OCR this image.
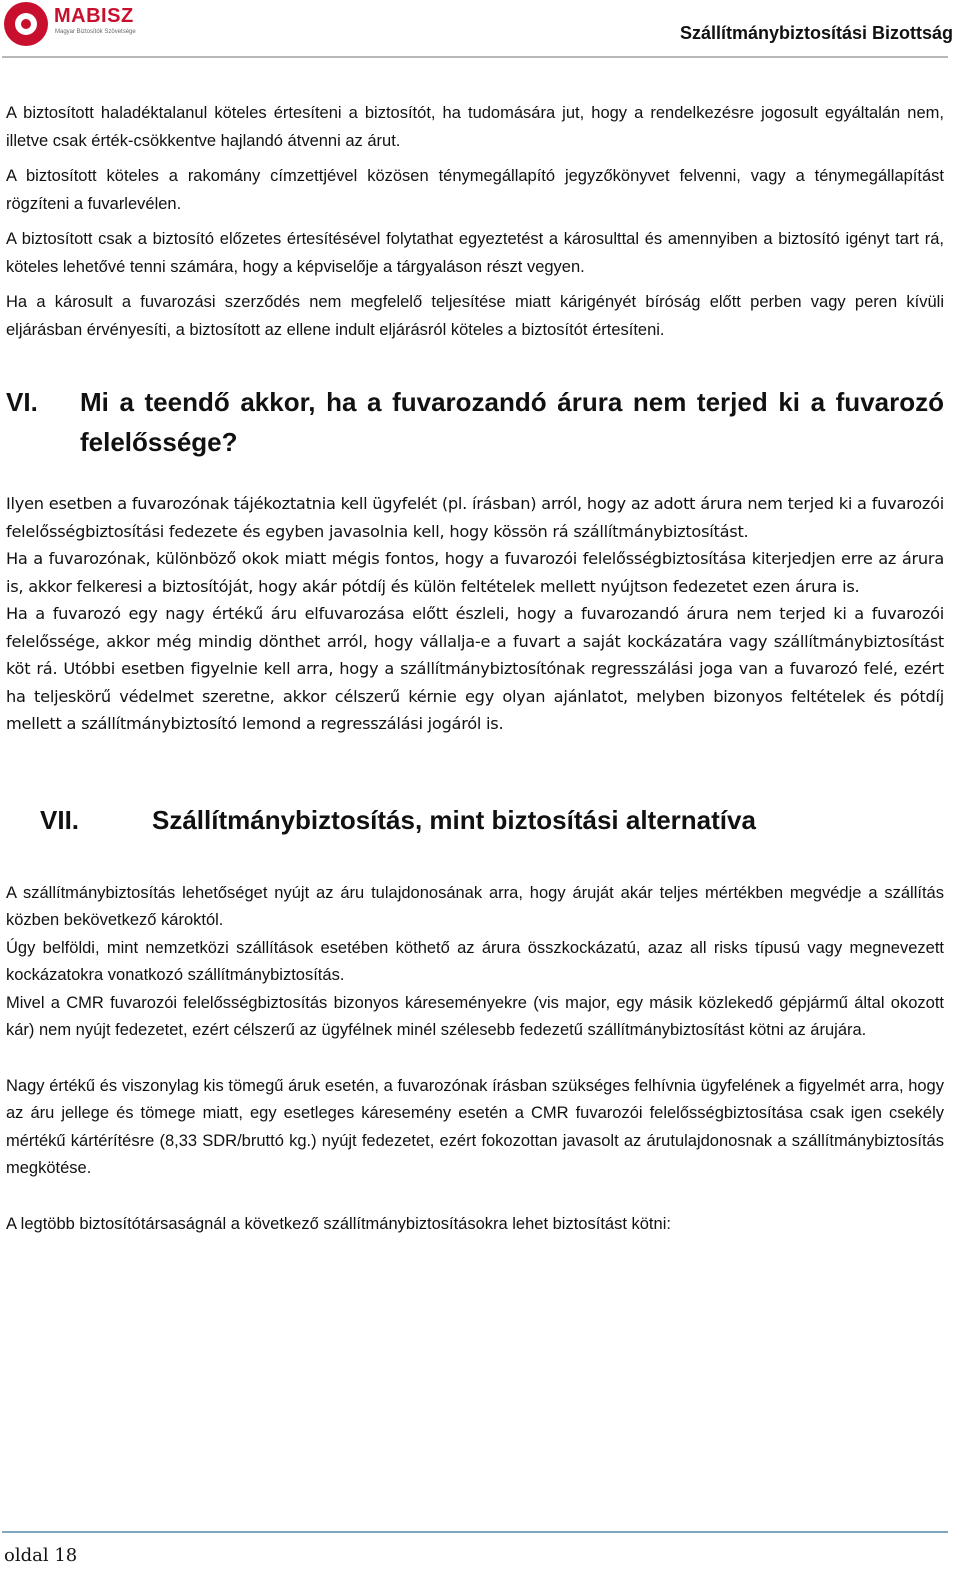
MABISZ
Magyar Biztosítók Szövetsége	Szállítmánybiztosítási Bizottság

A biztosított haladéktalanul köteles értesíteni a biztosítót, ha tudomására jut, hogy a rendelkezésre jogosult egyáltalán nem, illetve csak érték-csökkentve hajlandó átvenni az árut.

A biztosított köteles a rakomány címzettjével közösen ténymegállapító jegyzőkönyvet felvenni, vagy a ténymegállapítást rögzíteni a fuvarlevélen.

A biztosított csak a biztosító előzetes értesítésével folytathat egyeztetést a károsulttal és amennyiben a biztosító igényt tart rá, köteles lehetővé tenni számára, hogy a képviselője a tárgyaláson részt vegyen.

Ha a károsult a fuvarozási szerződés nem megfelelő teljesítése miatt kárigényét bíróság előtt perben vagy peren kívüli eljárásban érvényesíti, a biztosított az ellene indult eljárásról köteles a biztosítót értesíteni.

VI.	Mi a teendő akkor, ha a fuvarozandó árura nem terjed ki a fuvarozó felelőssége?

Ilyen esetben a fuvarozónak tájékoztatnia kell ügyfelét (pl. írásban) arról, hogy az adott árura nem terjed ki a fuvarozói felelősségbiztosítási fedezete és egyben javasolnia kell, hogy kössön rá szállítmánybiztosítást.

Ha a fuvarozónak, különböző okok miatt mégis fontos, hogy a fuvarozói felelősségbiztosítása kiterjedjen erre az árura is, akkor felkeresi a biztosítóját, hogy akár pótdíj és külön feltételek mellett nyújtson fedezetet ezen árura is.

Ha a fuvarozó egy nagy értékű áru elfuvarozása előtt észleli, hogy a fuvarozandó árura nem terjed ki a fuvarozói felelőssége, akkor még mindig dönthet arról, hogy vállalja-e a fuvart a saját kockázatára vagy szállítmánybiztosítást köt rá. Utóbbi esetben figyelnie kell arra, hogy a szállítmánybiztosítónak regresszálási joga van a fuvarozó felé, ezért ha teljeskörű védelmet szeretne, akkor célszerű kérnie egy olyan ajánlatot, melyben bizonyos feltételek és pótdíj mellett a szállítmánybiztosító lemond a regresszálási jogáról is.

VII.	Szállítmánybiztosítás, mint biztosítási alternatíva

A szállítmánybiztosítás lehetőséget nyújt az áru tulajdonosának arra, hogy áruját akár teljes mértékben megvédje a szállítás közben bekövetkező károktól.

Úgy belföldi, mint nemzetközi szállítások esetében köthető az árura összkockázatú, azaz all risks típusú vagy megnevezett kockázatokra vonatkozó szállítmánybiztosítás.

Mivel a CMR fuvarozói felelősségbiztosítás bizonyos káreseményekre (vis major, egy másik közlekedő gépjármű által okozott kár) nem nyújt fedezetet, ezért célszerű az ügyfélnek minél szélesebb fedezetű szállítmánybiztosítást kötni az árujára.

Nagy értékű és viszonylag kis tömegű áruk esetén, a fuvarozónak írásban szükséges felhívnia ügyfelének a figyelmét arra, hogy az áru jellege és tömege miatt, egy esetleges káresemény esetén a CMR fuvarozói felelősségbiztosítása csak igen csekély mértékű kártérítésre (8,33 SDR/bruttó kg.) nyújt fedezetet, ezért fokozottan javasolt az árutulajdonosnak a szállítmánybiztosítás megkötése.

A legtöbb biztosítótársaságnál a következő szállítmánybiztosításokra lehet biztosítást kötni:

oldal 18
